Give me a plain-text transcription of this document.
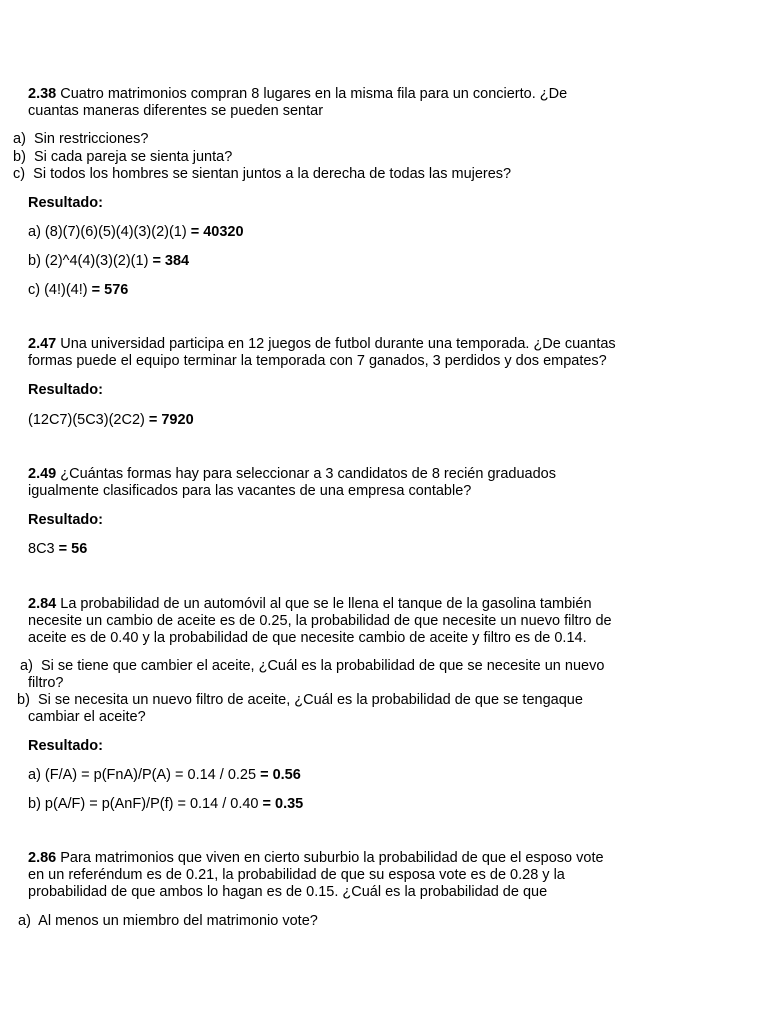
2.38 Cuatro matrimonios compran 8 lugares en la misma fila para un concierto. ¿De
cuantas maneras diferentes se pueden sentar
a) Sin restricciones?
b) Si cada pareja se sienta junta?
c) Si todos los hombres se sientan juntos a la derecha de todas las mujeres?
Resultado:
a) (8)(7)(6)(5)(4)(3)(2)(1) = 40320
b) (2)^4(4)(3)(2)(1) = 384
c) (4!)(4!) = 576
2.47 Una universidad participa en 12 juegos de futbol durante una temporada. ¿De cuantas
formas puede el equipo terminar la temporada con 7 ganados, 3 perdidos y dos empates?
Resultado:
(12C7)(5C3)(2C2) = 7920
2.49 ¿Cuántas formas hay para seleccionar a 3 candidatos de 8 recién graduados
igualmente clasificados para las vacantes de una empresa contable?
Resultado:
8C3 = 56
2.84 La probabilidad de un automóvil al que se le llena el tanque de la gasolina también
necesite un cambio de aceite es de 0.25, la probabilidad de que necesite un nuevo filtro de
aceite es de 0.40 y la probabilidad de que necesite cambio de aceite y filtro es de 0.14.
a) Si se tiene que cambier el aceite, ¿Cuál es la probabilidad de que se necesite un nuevo
filtro?
b) Si se necesita un nuevo filtro de aceite, ¿Cuál es la probabilidad de que se tengaque
cambiar el aceite?
Resultado:
a) (F/A) = p(FnA)/P(A) = 0.14 / 0.25 = 0.56
b) p(A/F) = p(AnF)/P(f) = 0.14 / 0.40 = 0.35
2.86 Para matrimonios que viven en cierto suburbio la probabilidad de que el esposo vote
en un referéndum es de 0.21, la probabilidad de que su esposa vote es de 0.28 y la
probabilidad de que ambos lo hagan es de 0.15. ¿Cuál es la probabilidad de que
a) Al menos un miembro del matrimonio vote?
